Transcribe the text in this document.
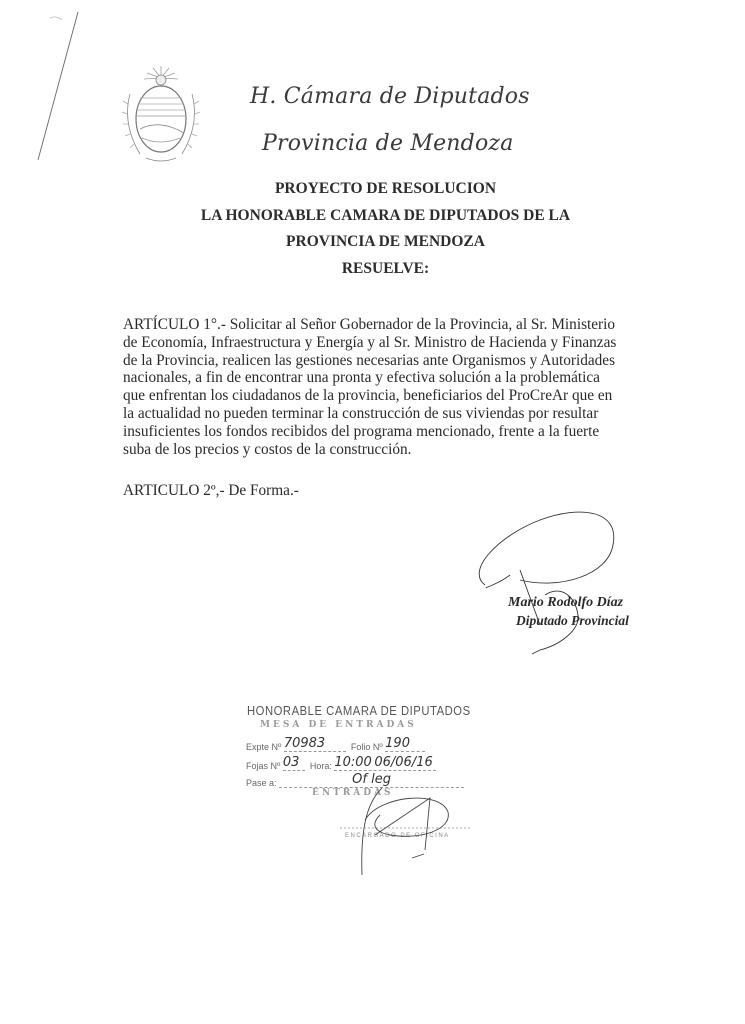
H. Cámara de Diputados
Provincia de Mendoza
PROYECTO DE RESOLUCION
LA HONORABLE CAMARA DE DIPUTADOS DE LA
PROVINCIA DE MENDOZA
RESUELVE:
ARTÍCULO 1°.- Solicitar al Señor Gobernador de la Provincia, al Sr. Ministerio
de Economía, Infraestructura y Energía y al Sr. Ministro de Hacienda y Finanzas
de la Provincia, realicen las gestiones necesarias ante Organismos y Autoridades
nacionales, a fin de encontrar una pronta y efectiva solución a la problemática
que enfrentan los ciudadanos de la provincia, beneficiarios del ProCreAr que en
la actualidad no pueden terminar la construcción de sus viviendas por resultar
insuficientes los fondos recibidos del programa mencionado, frente a la fuerte
suba de los precios y costos de la construcción.
ARTICULO 2º,- De Forma.-
Mario Rodolfo Díaz
Diputado Provincial
HONORABLE CAMARA DE DIPUTADOS
MESA DE ENTRADAS
Expte Nº 70983	Folio Nº 190
Fojas Nº 03 Hora: 10:00 06/06/16
Pase a:	Of leg
ENTRADAS
ENCARGADO DE OFICINA
